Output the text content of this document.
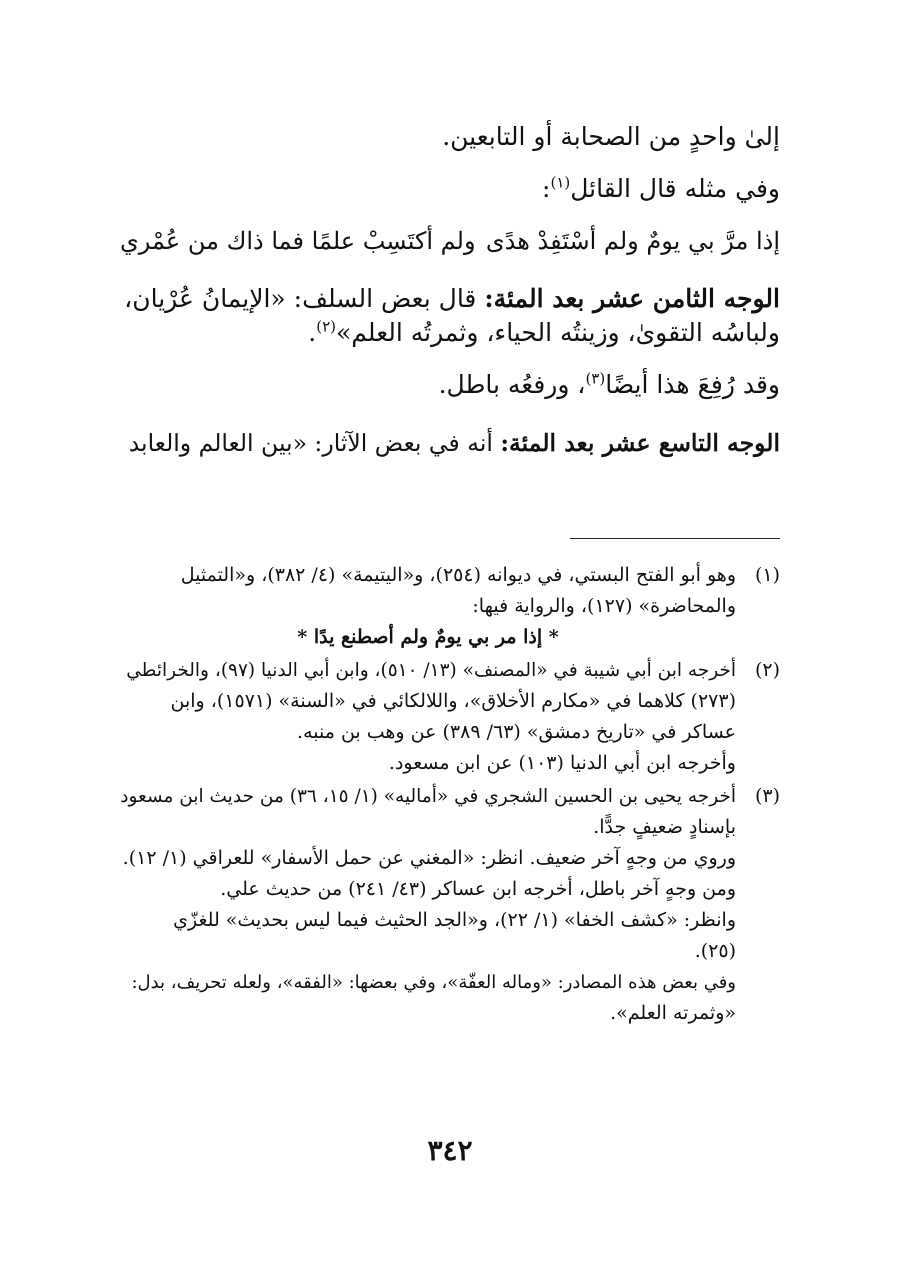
إلىٰ واحدٍ من الصحابة أو التابعين.

وفي مثله قال القائل$^{(١)}$:

إذا مرَّ بي يومٌ ولم أسْتَفِدْ هدًى
ولم أكتَسِبْ علمًا فما ذاك من عُمْري

الوجه الثامن عشر بعد المئة: قال بعض السلف: «الإيمانُ عُرْيان،

ولباسُه التقوىٰ، وزينتُه الحياء، وثمرتُه العلم»$^{(٢)}$.

وقد رُفِعَ هذا أيضًا$^{(٣)}$، ورفعُه باطل.

الوجه التاسع عشر بعد المئة: أنه في بعض الآثار: «بين العالم والعابد

(١)
وهو أبو الفتح البستي، في ديوانه (٢٥٤)، و«اليتيمة» (٤/ ٣٨٢)، و«التمثيل
والمحاضرة» (١٢٧)، والرواية فيها:
* إذا مر بي يومٌ ولم أصطنع يدًا *
(٢)
أخرجه ابن أبي شيبة في «المصنف» (١٣/ ٥١٠)، وابن أبي الدنيا (٩٧)، والخرائطي
(٢٧٣) كلاهما في «مكارم الأخلاق»، واللالكائي في «السنة» (١٥٧١)، وابن
عساكر في «تاريخ دمشق» (٦٣/ ٣٨٩) عن وهب بن منبه.
وأخرجه ابن أبي الدنيا (١٠٣) عن ابن مسعود.
(٣)
أخرجه يحيى بن الحسين الشجري في «أماليه» (١/ ١٥، ٣٦) من حديث ابن مسعود
بإسنادٍ ضعيفٍ جدًّا.
وروي من وجهٍ آخر ضعيف. انظر: «المغني عن حمل الأسفار» للعراقي (١/ ١٢).
ومن وجهٍ آخر باطل، أخرجه ابن عساكر (٤٣/ ٢٤١) من حديث علي.
وانظر: «كشف الخفا» (١/ ٢٢)، و«الجد الحثيث فيما ليس بحديث» للغزّي
(٢٥).
وفي بعض هذه المصادر: «وماله العفّة»، وفي بعضها: «الفقه»، ولعله تحريف، بدل:
«وثمرته العلم».
٣٤٢
